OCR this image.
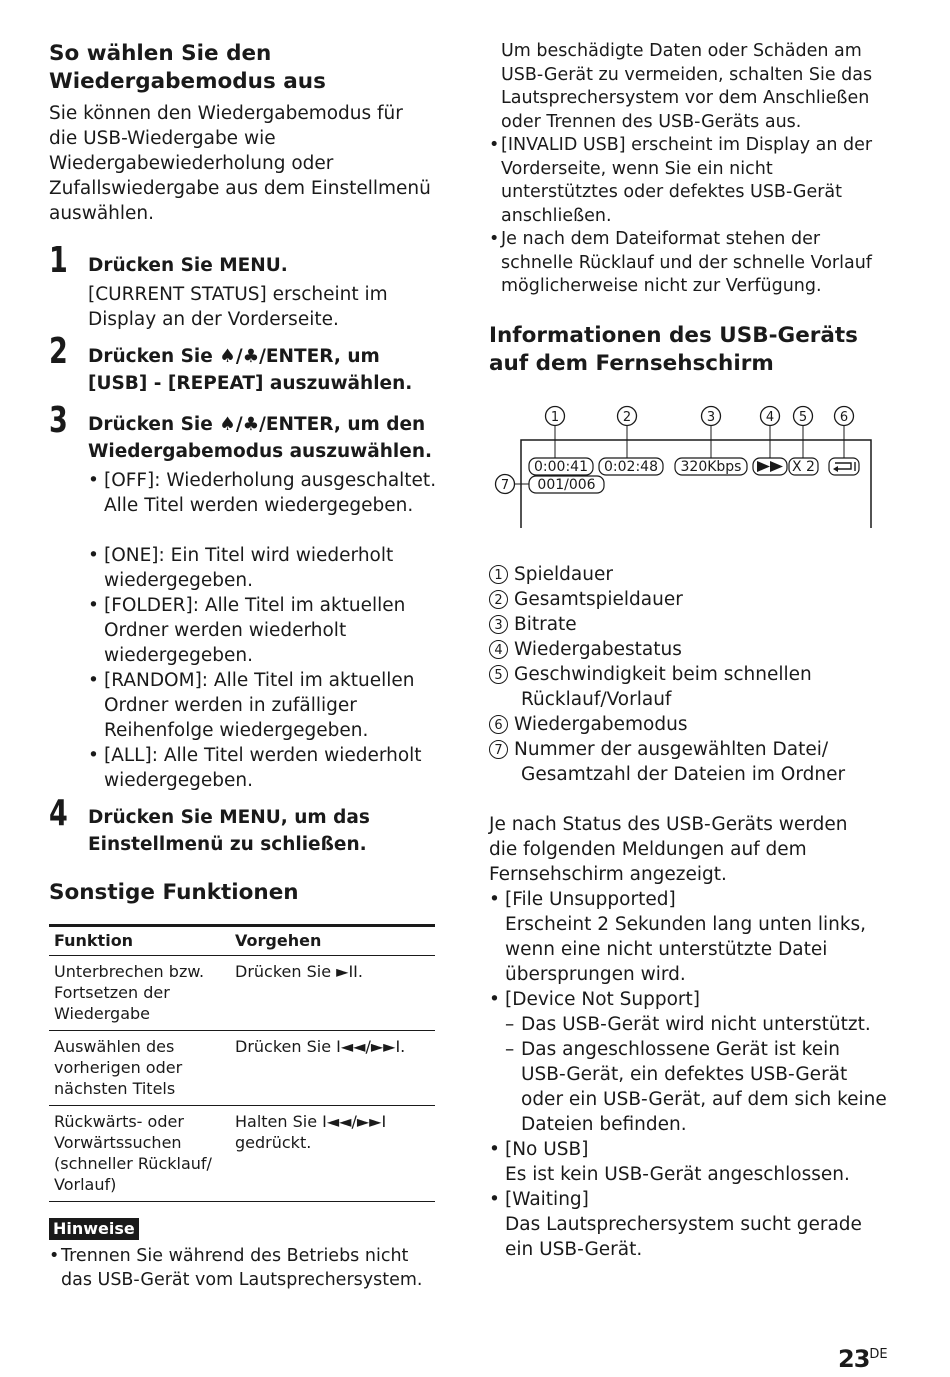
So wählen Sie den Wiedergabemodus aus

Sie können den Wiedergabemodus für die USB-Wiedergabe wie Wiedergabewiederholung oder Zufallswiedergabe aus dem Einstellmenü auswählen.

1 Drücken Sie MENU.
[CURRENT STATUS] erscheint im Display an der Vorderseite.
2 Drücken Sie ♠/♣/ENTER, um [USB] - [REPEAT] auszuwählen.
3 Drücken Sie ♠/♣/ENTER, um den Wiedergabemodus auszuwählen.
• [OFF]: Wiederholung ausgeschaltet. Alle Titel werden wiedergegeben.
• [ONE]: Ein Titel wird wiederholt wiedergegeben.
• [FOLDER]: Alle Titel im aktuellen Ordner werden wiederholt wiedergegeben.
• [RANDOM]: Alle Titel im aktuellen Ordner werden in zufälliger Reihenfolge wiedergegeben.
• [ALL]: Alle Titel werden wiederholt wiedergegeben.
4 Drücken Sie MENU, um das Einstellmenü zu schließen.
Sonstige Funktionen
Funktion	Vorgehen
Unterbrechen bzw. Fortsetzen der Wiedergabe	Drücken Sie ►II.
Auswählen des vorherigen oder nächsten Titels	Drücken Sie I◄◄/►►I.
Rückwärts- oder Vorwärtssuchen (schneller Rücklauf/ Vorlauf)	Halten Sie I◄◄/►►I gedrückt.
Hinweise
• Trennen Sie während des Betriebs nicht das USB-Gerät vom Lautsprechersystem.
Um beschädigte Daten oder Schäden am USB-Gerät zu vermeiden, schalten Sie das Lautsprechersystem vor dem Anschließen oder Trennen des USB-Geräts aus.
• [INVALID USB] erscheint im Display an der Vorderseite, wenn Sie ein nicht unterstütztes oder defektes USB-Gerät anschließen.
• Je nach dem Dateiformat stehen der schnelle Rücklauf und der schnelle Vorlauf möglicherweise nicht zur Verfügung.
Informationen des USB-Geräts auf dem Fernsehschirm
1	2	3	4 5	6
7
0:00:41 0:02:48 320Kbps	X 2
001/006
1 Spieldauer
2 Gesamtspieldauer
3 Bitrate
4 Wiedergabestatus
5 Geschwindigkeit beim schnellen Rücklauf/Vorlauf
6 Wiedergabemodus
7 Nummer der ausgewählten Datei/ Gesamtzahl der Dateien im Ordner

Je nach Status des USB-Geräts werden die folgenden Meldungen auf dem Fernsehschirm angezeigt.

• [File Unsupported]
Erscheint 2 Sekunden lang unten links, wenn eine nicht unterstützte Datei übersprungen wird.
• [Device Not Support]
– Das USB-Gerät wird nicht unterstützt.
– Das angeschlossene Gerät ist kein USB-Gerät, ein defektes USB-Gerät oder ein USB-Gerät, auf dem sich keine Dateien befinden.
• [No USB]
Es ist kein USB-Gerät angeschlossen.
• [Waiting]
Das Lautsprechersystem sucht gerade ein USB-Gerät.
23DE
